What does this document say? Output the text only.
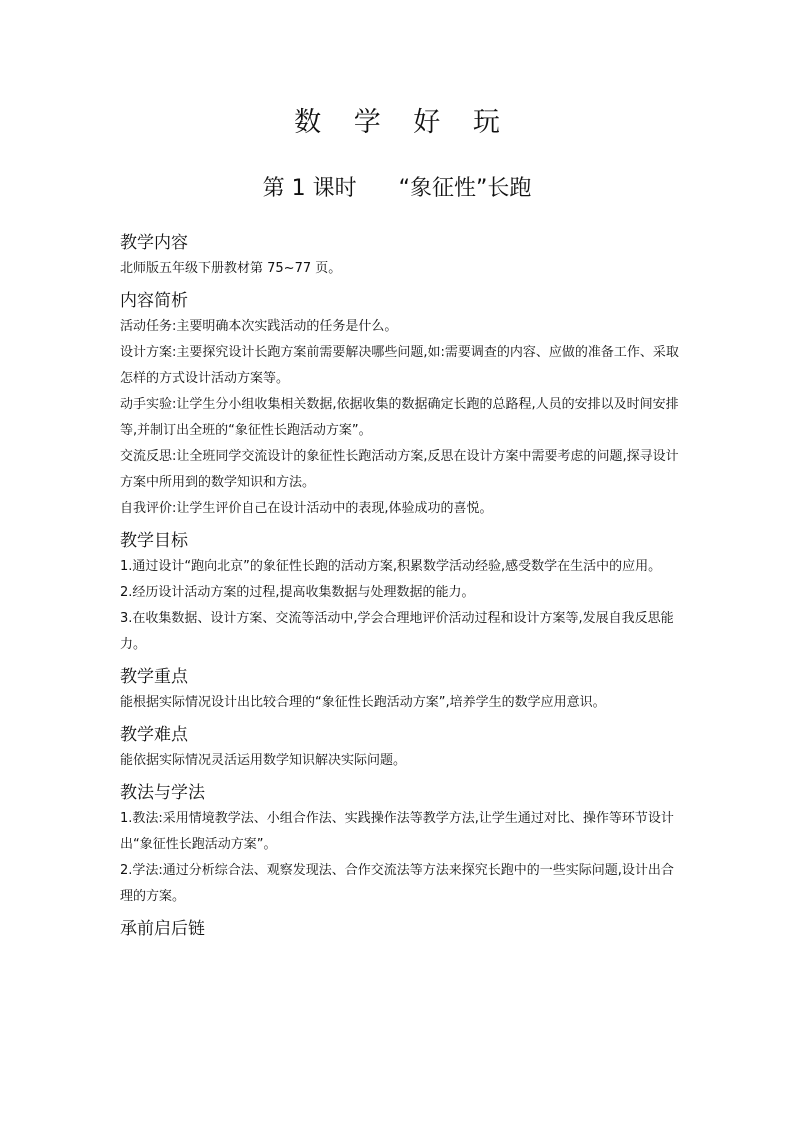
数 学 好 玩
第 1 课时 “象征性”长跑
教学内容

北师版五年级下册教材第 75~77 页。

内容简析

活动任务:主要明确本次实践活动的任务是什么。

设计方案:主要探究设计长跑方案前需要解决哪些问题,如:需要调查的内容、应做的准备工作、采取怎样的方式设计活动方案等。

动手实验:让学生分小组收集相关数据,依据收集的数据确定长跑的总路程,人员的安排以及时间安排等,并制订出全班的“象征性长跑活动方案”。

交流反思:让全班同学交流设计的象征性长跑活动方案,反思在设计方案中需要考虑的问题,探寻设计方案中所用到的数学知识和方法。

自我评价:让学生评价自己在设计活动中的表现,体验成功的喜悦。

教学目标

1.通过设计“跑向北京”的象征性长跑的活动方案,积累数学活动经验,感受数学在生活中的应用。

2.经历设计活动方案的过程,提高收集数据与处理数据的能力。

3.在收集数据、设计方案、交流等活动中,学会合理地评价活动过程和设计方案等,发展自我反思能力。

教学重点

能根据实际情况设计出比较合理的“象征性长跑活动方案”,培养学生的数学应用意识。

教学难点

能依据实际情况灵活运用数学知识解决实际问题。

教法与学法

1.教法:采用情境教学法、小组合作法、实践操作法等教学方法,让学生通过对比、操作等环节设计出“象征性长跑活动方案”。

2.学法:通过分析综合法、观察发现法、合作交流法等方法来探究长跑中的一些实际问题,设计出合理的方案。

承前启后链
